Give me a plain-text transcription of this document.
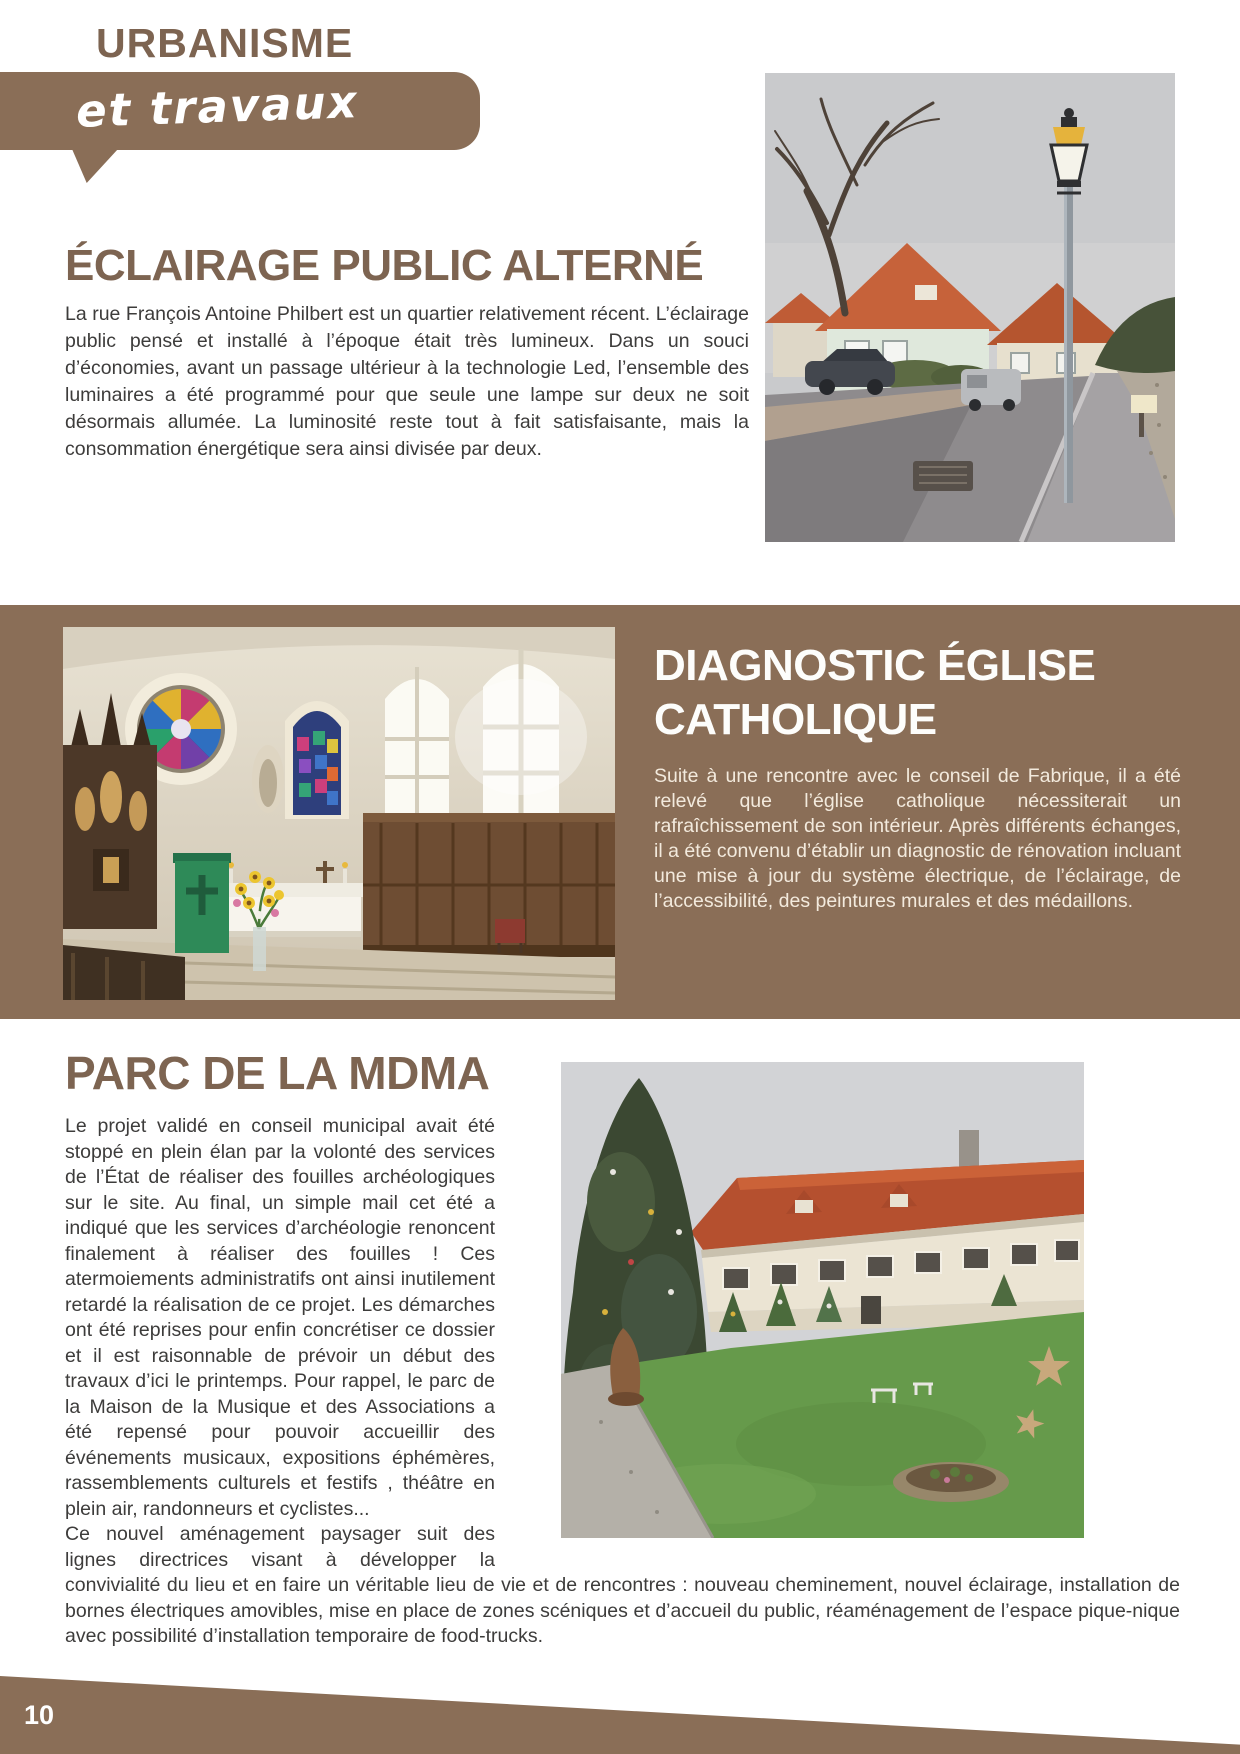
URBANISME
et travaux
ÉCLAIRAGE PUBLIC ALTERNÉ

La rue François Antoine Philbert est un quartier relativement récent. L’éclairage public pensé et installé à l’époque était très lumineux. Dans un souci d’économies, avant un passage ultérieur à la technologie Led, l’ensemble des luminaires a été programmé pour que seule une lampe sur deux ne soit désormais allumée. La luminosité reste tout à fait satisfaisante, mais la consommation énergétique sera ainsi divisée par deux.

DIAGNOSTIC ÉGLISE
CATHOLIQUE

Suite à une rencontre avec le conseil de Fabrique, il a été relevé que l’église catholique nécessiterait un rafraîchissement de son intérieur. Après différents échanges, il a été convenu d’établir un diagnostic de rénovation incluant une mise à jour du système électrique, de l’éclairage, de l’accessibilité, des peintures murales et des médaillons.

PARC DE LA MDMA

Le projet validé en conseil municipal avait été stoppé en plein élan par la volonté des services de l’État de réaliser des fouilles archéologiques sur le site. Au final, un simple mail cet été a indiqué que les services d’archéologie renoncent finalement à réaliser des fouilles ! Ces atermoiements administratifs ont ainsi inutilement retardé la réalisation de ce projet. Les démarches ont été reprises pour enfin concrétiser ce dossier et il est raisonnable de prévoir un début des travaux d’ici le printemps. Pour rappel, le parc de la Maison de la Musique et des Associations a été repensé pour pouvoir accueillir des événements musicaux, expositions éphémères, rassemblements culturels et festifs , théâtre en plein air, randonneurs et cyclistes...

Ce nouvel aménagement paysager suit des lignes directrices visant à développer la convivialité du lieu et en faire un véritable lieu de vie et de rencontres : nouveau cheminement, nouvel éclairage, installation de bornes électriques amovibles, mise en place de zones scéniques et d’accueil du public, réaménagement de l’espace pique-nique avec possibilité d’installation temporaire de food-trucks.

10
